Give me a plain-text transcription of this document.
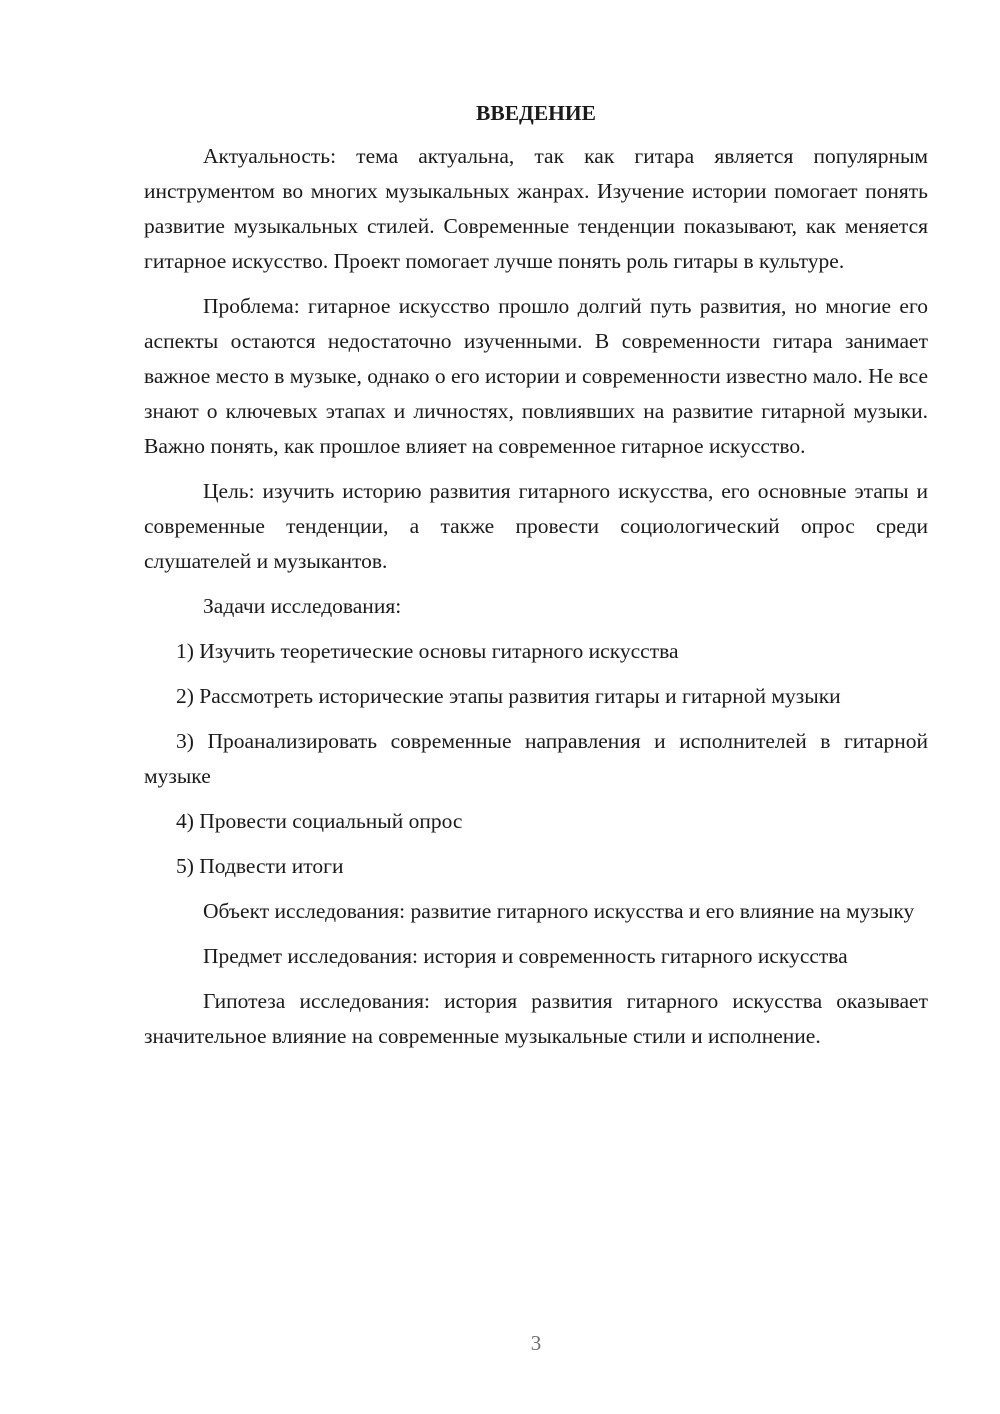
ВВЕДЕНИЕ

Актуальность: тема актуальна, так как гитара является популярным инструментом во многих музыкальных жанрах. Изучение истории помогает понять развитие музыкальных стилей. Современные тенденции показывают, как меняется гитарное искусство. Проект помогает лучше понять роль гитары в культуре.

Проблема: гитарное искусство прошло долгий путь развития, но многие его аспекты остаются недостаточно изученными. В современности гитара занимает важное место в музыке, однако о его истории и современности известно мало. Не все знают о ключевых этапах и личностях, повлиявших на развитие гитарной музыки. Важно понять, как прошлое влияет на современное гитарное искусство.

Цель: изучить историю развития гитарного искусства, его основные этапы и современные тенденции, а также провести социологический опрос среди слушателей и музыкантов.

Задачи исследования:

1) Изучить теоретические основы гитарного искусства

2) Рассмотреть исторические этапы развития гитары и гитарной музыки

3) Проанализировать современные направления и исполнителей в гитарной музыке

4) Провести социальный опрос

5) Подвести итоги

Объект исследования: развитие гитарного искусства и его влияние на музыку

Предмет исследования: история и современность гитарного искусства

Гипотеза исследования: история развития гитарного искусства оказывает значительное влияние на современные музыкальные стили и исполнение.

3
